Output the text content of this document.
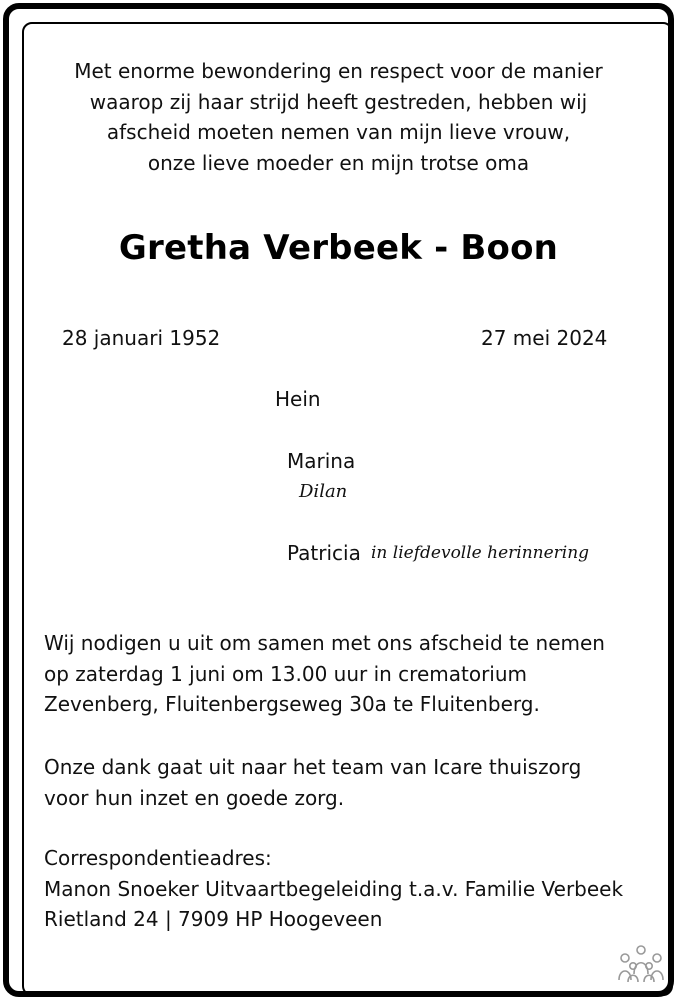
Met enorme bewondering en respect voor de manier
waarop zij haar strijd heeft gestreden, hebben wij
afscheid moeten nemen van mijn lieve vrouw,
onze lieve moeder en mijn trotse oma
Gretha Verbeek - Boon
28 januari 1952	27 mei 2024
Hein
Marina
Dilan
Patricia in liefdevolle herinnering
Wij nodigen u uit om samen met ons afscheid te nemen
op zaterdag 1 juni om 13.00 uur in crematorium
Zevenberg, Fluitenbergseweg 30a te Fluitenberg.
Onze dank gaat uit naar het team van Icare thuiszorg
voor hun inzet en goede zorg.
Correspondentieadres:
Manon Snoeker Uitvaartbegeleiding t.a.v. Familie Verbeek
Rietland 24 | 7909 HP Hoogeveen
